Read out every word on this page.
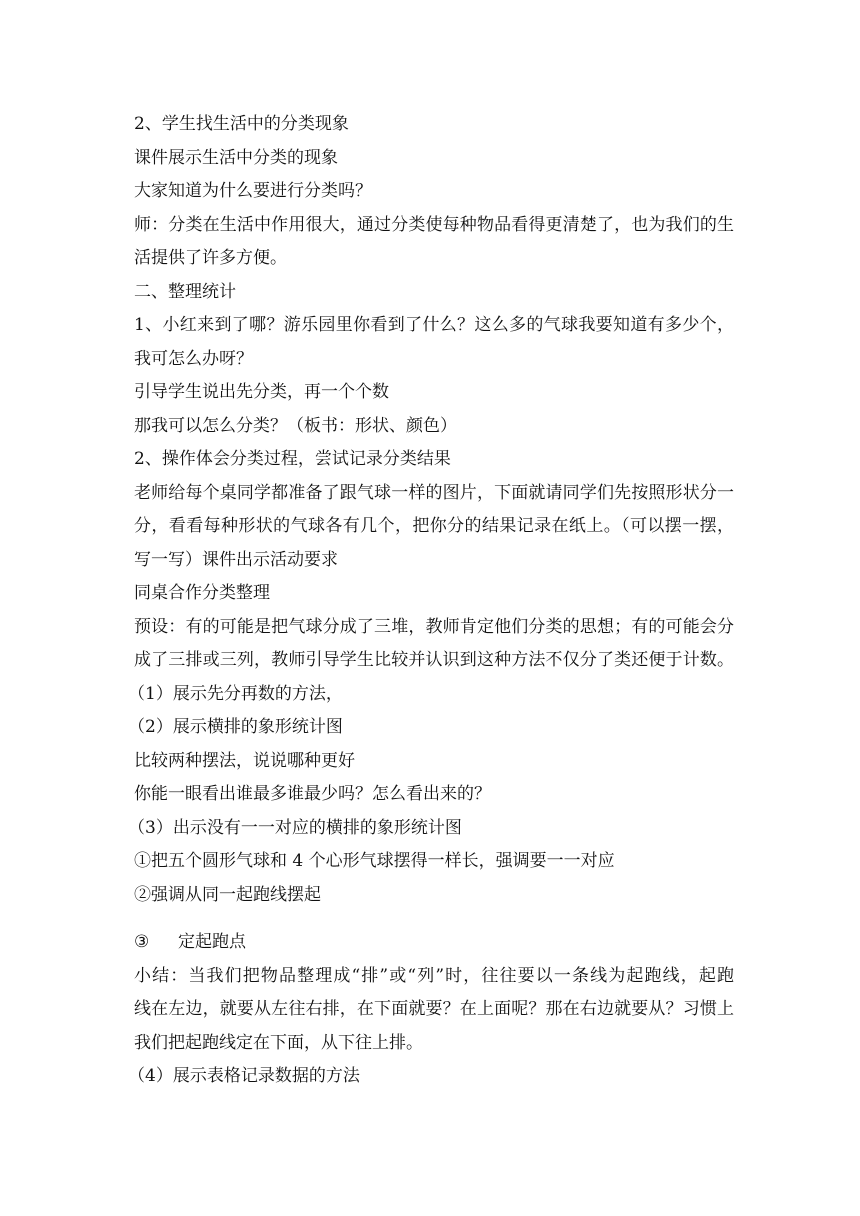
2、学生找生活中的分类现象
课件展示生活中分类的现象
大家知道为什么要进行分类吗？
师：分类在生活中作用很大，通过分类使每种物品看得更清楚了，也为我们的生
活提供了许多方便。
二、整理统计
1、小红来到了哪？游乐园里你看到了什么？这么多的气球我要知道有多少个，
我可怎么办呀？
引导学生说出先分类，再一个个数
那我可以怎么分类？（板书：形状、颜色）
2、操作体会分类过程，尝试记录分类结果
老师给每个桌同学都准备了跟气球一样的图片，下面就请同学们先按照形状分一
分，看看每种形状的气球各有几个，把你分的结果记录在纸上。（可以摆一摆，
写一写）课件出示活动要求
同桌合作分类整理
预设：有的可能是把气球分成了三堆，教师肯定他们分类的思想；有的可能会分
成了三排或三列，教师引导学生比较并认识到这种方法不仅分了类还便于计数。
（1）展示先分再数的方法，
（2）展示横排的象形统计图
比较两种摆法，说说哪种更好
你能一眼看出谁最多谁最少吗？怎么看出来的？
（3）出示没有一一对应的横排的象形统计图
①把五个圆形气球和 4 个心形气球摆得一样长，强调要一一对应
②强调从同一起跑线摆起
③ 定起跑点
小结：当我们把物品整理成“排”或“列”时，往往要以一条线为起跑线，起跑
线在左边，就要从左往右排，在下面就要？在上面呢？那在右边就要从？习惯上
我们把起跑线定在下面，从下往上排。
（4）展示表格记录数据的方法
